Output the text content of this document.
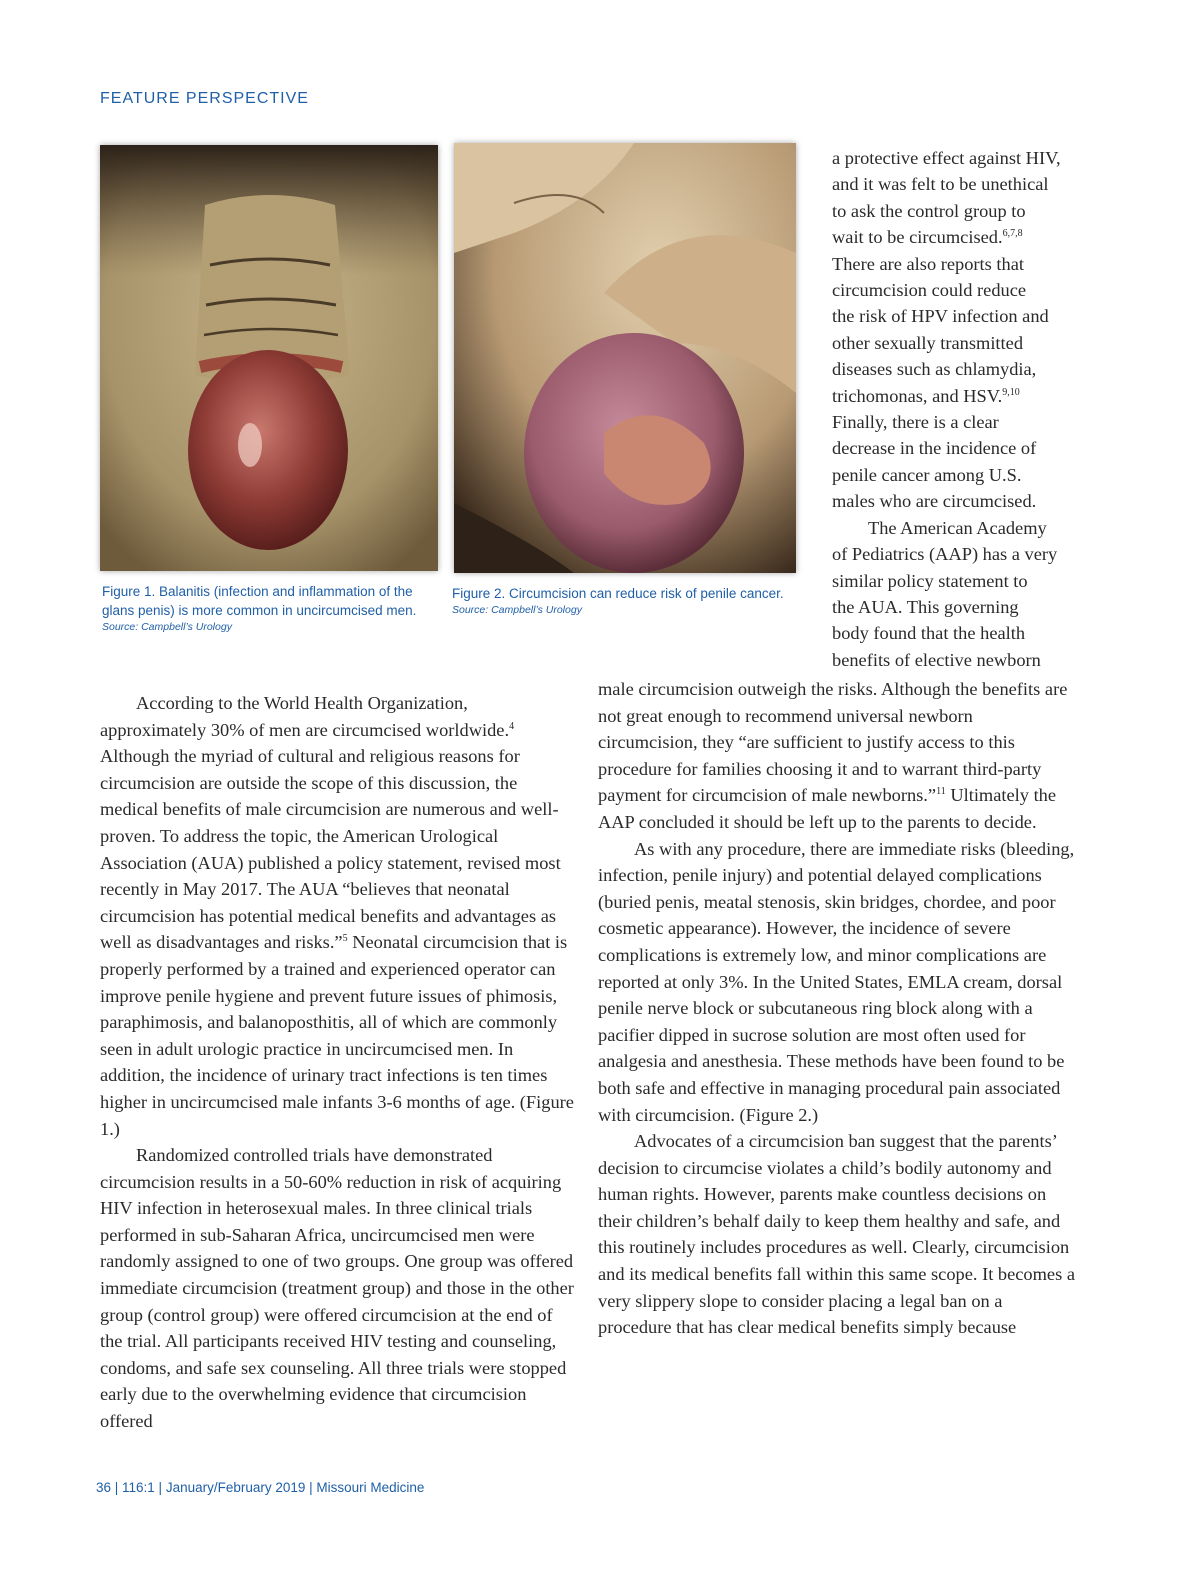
FEATURE PERSPECTIVE
Figure 1. Balanitis (infection and inflammation of the glans penis) is more common in uncircumcised men.
Source: Campbell’s Urology
Figure 2. Circumcision can reduce risk of penile cancer.
Source: Campbell’s Urology
a protective effect against HIV,
and it was felt to be unethical
to ask the control group to
wait to be circumcised.$^{6,7,8}$
There are also reports that
circumcision could reduce
the risk of HPV infection and
other sexually transmitted
diseases such as chlamydia,
trichomonas, and HSV.$^{9,10}$
Finally, there is a clear
decrease in the incidence of
penile cancer among U.S.
males who are circumcised.
The American Academy
of Pediatrics (AAP) has a very
similar policy statement to
the AUA. This governing
body found that the health
benefits of elective newborn

According to the World Health Organization, approximately 30% of men are circumcised worldwide.$^4$ Although the myriad of cultural and religious reasons for circumcision are outside the scope of this discussion, the medical benefits of male circumcision are numerous and well-proven. To address the topic, the American Urological Association (AUA) published a policy statement, revised most recently in May 2017. The AUA “believes that neonatal circumcision has potential medical benefits and advantages as well as disadvantages and risks.”$^5$ Neonatal circumcision that is properly performed by a trained and experienced operator can improve penile hygiene and prevent future issues of phimosis, paraphimosis, and balanoposthitis, all of which are commonly seen in adult urologic practice in uncircumcised men. In addition, the incidence of urinary tract infections is ten times higher in uncircumcised male infants 3-6 months of age. (Figure 1.)

Randomized controlled trials have demonstrated circumcision results in a 50-60% reduction in risk of acquiring HIV infection in heterosexual males. In three clinical trials performed in sub-Saharan Africa, uncircumcised men were randomly assigned to one of two groups. One group was offered immediate circumcision (treatment group) and those in the other group (control group) were offered circumcision at the end of the trial. All participants received HIV testing and counseling, condoms, and safe sex counseling. All three trials were stopped early due to the overwhelming evidence that circumcision offered

male circumcision outweigh the risks. Although the benefits are not great enough to recommend universal newborn circumcision, they “are sufficient to justify access to this procedure for families choosing it and to warrant third-party payment for circumcision of male newborns.”$^{11}$ Ultimately the AAP concluded it should be left up to the parents to decide.

As with any procedure, there are immediate risks (bleeding, infection, penile injury) and potential delayed complications (buried penis, meatal stenosis, skin bridges, chordee, and poor cosmetic appearance). However, the incidence of severe complications is extremely low, and minor complications are reported at only 3%. In the United States, EMLA cream, dorsal penile nerve block or subcutaneous ring block along with a pacifier dipped in sucrose solution are most often used for analgesia and anesthesia. These methods have been found to be both safe and effective in managing procedural pain associated with circumcision. (Figure 2.)

Advocates of a circumcision ban suggest that the parents’ decision to circumcise violates a child’s bodily autonomy and human rights. However, parents make countless decisions on their children’s behalf daily to keep them healthy and safe, and this routinely includes procedures as well. Clearly, circumcision and its medical benefits fall within this same scope. It becomes a very slippery slope to consider placing a legal ban on a procedure that has clear medical benefits simply because

36 | 116:1 | January/February 2019 | Missouri Medicine
